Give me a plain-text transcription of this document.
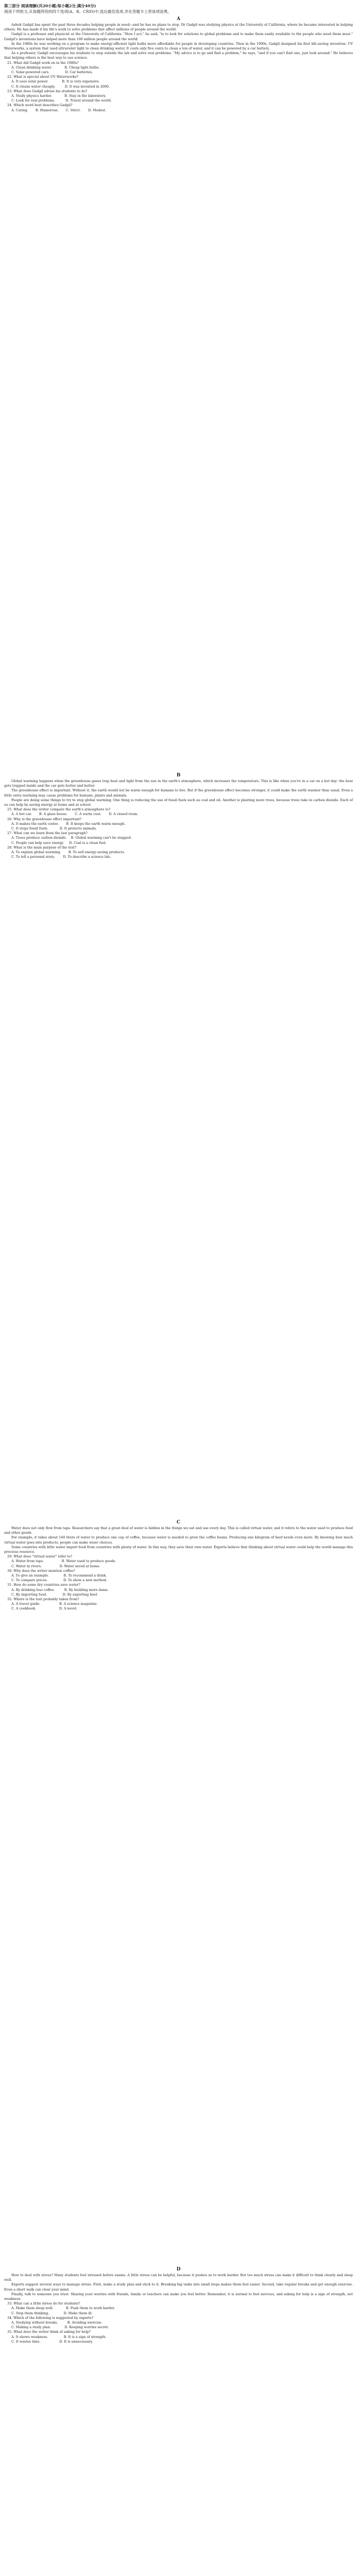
第三部分 阅读理解(共20小题;每小题2分,满分40分)
阅读下列短文,从每题所给的四个选项(A、B、C和D)中,选出最佳选项,并在答题卡上将该项涂黑。
A

Ashok Gadgil has spent the past three decades helping people in need—and he has no plans to stop. Dr Gadgil was studying physics at the University of California, where he became interested in helping others. He has made it his life's work to solve problems that affect millions of people around the world.

Gadgil is a professor and physicist at the University of California. "How I act," he said, "is to look for solutions to global problems and to make them easily available to the people who need them most." Gadgil's inventions have helped more than 100 million people around the world.

In the 1980s he was working on a program to make energy-efficient light bulbs more affordable for people in developing countries. Then in the 1990s, Gadgil designed his first life-saving invention: UV Waterworks, a system that used ultraviolet light to clean drinking water. It costs only five cents to clean a ton of water, and it can be powered by a car battery.

As a professor, Gadgil encourages his students to step outside the lab and solve real problems. "My advice is to go and find a problem," he says, "and if you can't find one, just look around." He believes that helping others is the best way to use science.

21. What did Gadgil work on in the 1980s?

A. Clean drinking water.            B. Cheap light bulbs.
C. Solar-powered cars.               D. Car batteries.

22. What is special about UV Waterworks?

A. It uses solar power.             B. It is very expensive.
C. It cleans water cheaply.         D. It was invented in 2000.

23. What does Gadgil advise his students to do?

A. Study physics harder.            B. Stay in the laboratory.
C. Look for real problems.          D. Travel around the world.

24. Which word best describes Gadgil?

A. Caring.       B. Humorous.       C. Strict.       D. Modest.

B

Global warming happens when the greenhouse gases trap heat and light from the sun in the earth's atmosphere, which increases the temperature. This is like when you're in a car on a hot day: the heat gets trapped inside and the car gets hotter and hotter.

The greenhouse effect is important. Without it, the earth would not be warm enough for humans to live. But if the greenhouse effect becomes stronger, it could make the earth warmer than usual. Even a little extra warming may cause problems for humans, plants and animals.

People are doing some things to try to stop global warming. One thing is reducing the use of fossil fuels such as coal and oil. Another is planting more trees, because trees take in carbon dioxide. Each of us can help by saving energy at home and at school.

25. What does the writer compare the earth's atmosphere to?

A. A hot car.       B. A glass house.       C. A warm coat.       D. A closed room.

26. Why is the greenhouse effect important?

A. It makes the earth cooler.       B. It keeps the earth warm enough.
C. It stops fossil fuels.           D. It protects animals.

27. What can we learn from the last paragraph?

A. Trees produce carbon dioxide.    B. Global warming can't be stopped.
C. People can help save energy.     D. Coal is a clean fuel.

28. What is the main purpose of the text?

A. To explain global warming.       B. To sell energy-saving products.
C. To tell a personal story.        D. To describe a science lab.

C

Water does not only flow from taps. Researchers say that a great deal of water is hidden in the things we eat and use every day. This is called virtual water, and it refers to the water used to produce food and other goods.

For example, it takes about 140 liters of water to produce one cup of coffee, because water is needed to grow the coffee beans. Producing one kilogram of beef needs even more. By knowing how much virtual water goes into products, people can make wiser choices.

Some countries with little water import food from countries with plenty of water. In this way, they save their own water. Experts believe that thinking about virtual water could help the world manage this precious resource.

29. What does "virtual water" refer to?

A. Water from taps.                 B. Water used to produce goods.
C. Water in rivers.                 D. Water saved at home.

30. Why does the writer mention coffee?

A. To give an example.              B. To recommend a drink.
C. To compare prices.               D. To show a new method.

31. How do some dry countries save water?

A. By drinking less coffee.         B. By building more dams.
C. By importing food.               D. By exporting beef.

32. Where is the text probably taken from?

A. A travel guide.                  B. A science magazine.
C. A cookbook.                      D. A novel.

D

How to deal with stress? Many students feel stressed before exams. A little stress can be helpful, because it pushes us to work harder. But too much stress can make it difficult to think clearly and sleep well.

Experts suggest several ways to manage stress. First, make a study plan and stick to it. Breaking big tasks into small steps makes them feel easier. Second, take regular breaks and get enough exercise. Even a short walk can clear your mind.

Finally, talk to someone you trust. Sharing your worries with friends, family or teachers can make you feel better. Remember, it is normal to feel nervous, and asking for help is a sign of strength, not weakness.

33. What can a little stress do for students?

A. Make them sleep well.            B. Push them to work harder.
C. Stop them thinking.              D. Make them ill.

34. Which of the following is suggested by experts?

A. Studying without breaks.         B. Avoiding exercise.
C. Making a study plan.             D. Keeping worries secret.

35. What does the writer think of asking for help?

A. It shows weakness.               B. It is a sign of strength.
C. It wastes time.                  D. It is unnecessary.
